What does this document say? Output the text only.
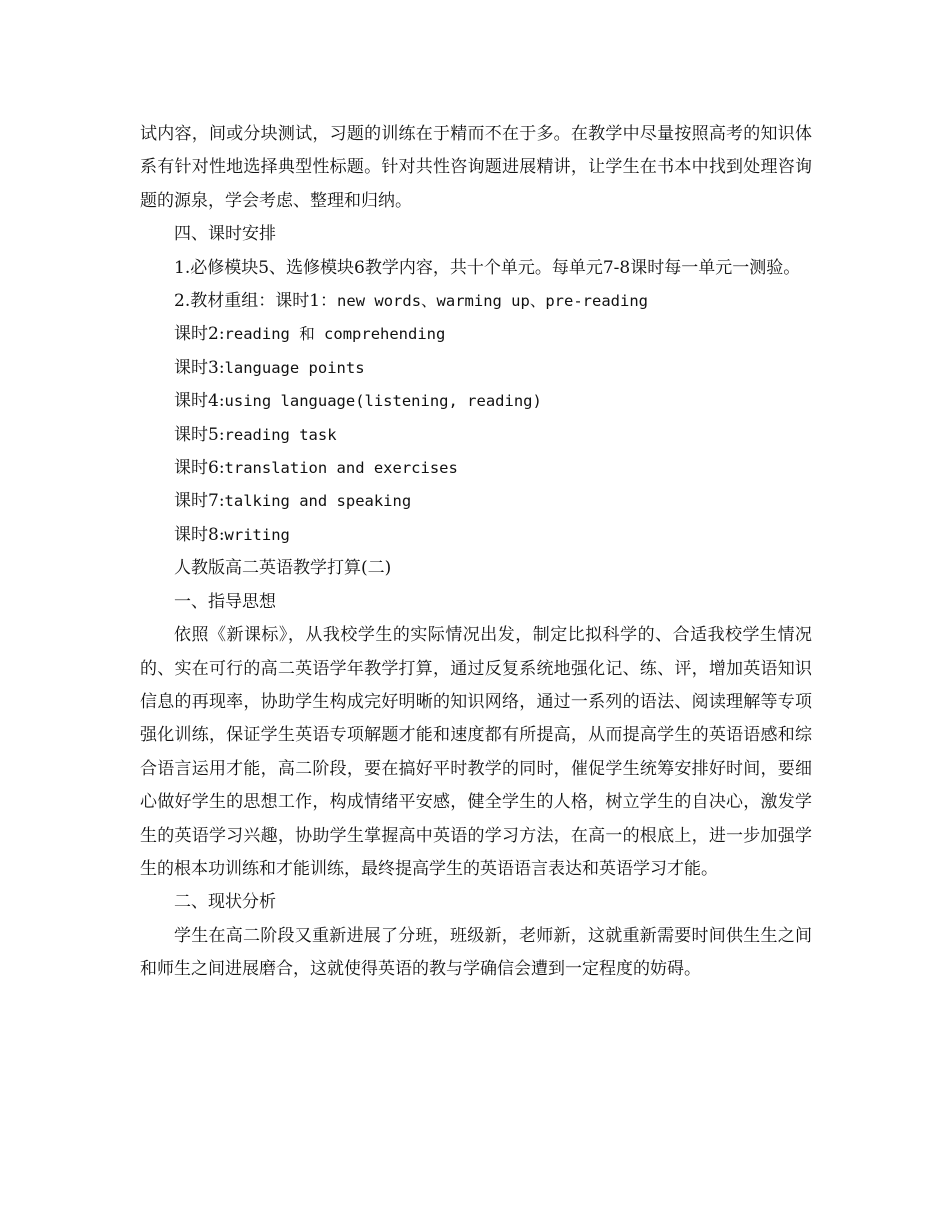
试内容，间或分块测试，习题的训练在于精而不在于多。在教学中尽量按照高考的知识体系有针对性地选择典型性标题。针对共性咨询题进展精讲，让学生在书本中找到处理咨询题的源泉，学会考虑、整理和归纳。

四、课时安排

1.必修模块5、选修模块6教学内容，共十个单元。每单元7-8课时每一单元一测验。

2.教材重组：课时1：new words、warming up、pre-reading

课时2:reading 和 comprehending

课时3:language points

课时4:using language(listening, reading)

课时5:reading task

课时6:translation and exercises

课时7:talking and speaking

课时8:writing

人教版高二英语教学打算(二)

一、指导思想

依照《新课标》，从我校学生的实际情况出发，制定比拟科学的、合适我校学生情况的、实在可行的高二英语学年教学打算，通过反复系统地强化记、练、评，增加英语知识信息的再现率，协助学生构成完好明晰的知识网络，通过一系列的语法、阅读理解等专项强化训练，保证学生英语专项解题才能和速度都有所提高，从而提高学生的英语语感和综合语言运用才能，高二阶段，要在搞好平时教学的同时，催促学生统筹安排好时间，要细心做好学生的思想工作，构成情绪平安感，健全学生的人格，树立学生的自决心，激发学生的英语学习兴趣，协助学生掌握高中英语的学习方法，在高一的根底上，进一步加强学生的根本功训练和才能训练，最终提高学生的英语语言表达和英语学习才能。

二、现状分析

学生在高二阶段又重新进展了分班，班级新，老师新，这就重新需要时间供生生之间和师生之间进展磨合，这就使得英语的教与学确信会遭到一定程度的妨碍。
